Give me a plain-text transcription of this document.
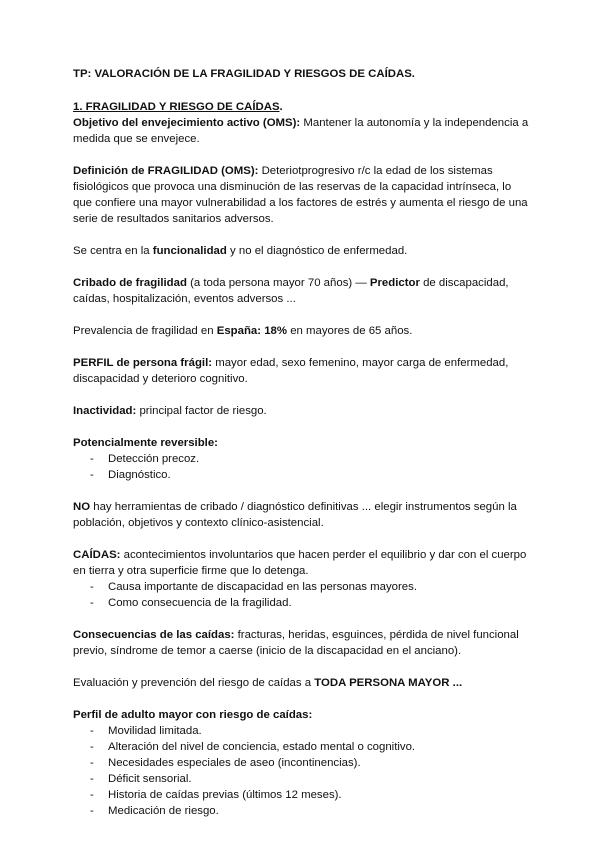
TP: VALORACIÓN DE LA FRAGILIDAD Y RIESGOS DE CAÍDAS.

1. FRAGILIDAD Y RIESGO DE CAÍDAS.

Objetivo del envejecimiento activo (OMS): Mantener la autonomía y la independencia a medida que se envejece.

Definición de FRAGILIDAD (OMS): Deteriotprogresivo r/c la edad de los sistemas fisiológicos que provoca una disminución de las reservas de la capacidad intrínseca, lo que confiere una mayor vulnerabilidad a los factores de estrés y aumenta el riesgo de una serie de resultados sanitarios adversos.

Se centra en la funcionalidad y no el diagnóstico de enfermedad.

Cribado de fragilidad (a toda persona mayor 70 años) — Predictor de discapacidad, caídas, hospitalización, eventos adversos ...

Prevalencia de fragilidad en España: 18% en mayores de 65 años.

PERFIL de persona frágil: mayor edad, sexo femenino, mayor carga de enfermedad, discapacidad y deterioro cognitivo.

Inactividad: principal factor de riesgo.

Potencialmente reversible:

- Detección precoz.
- Diagnóstico.

NO hay herramientas de cribado / diagnóstico definitivas ... elegir instrumentos según la población, objetivos y contexto clínico-asistencial.

CAÍDAS: acontecimientos involuntarios que hacen perder el equilibrio y dar con el cuerpo en tierra y otra superficie firme que lo detenga.

- Causa importante de discapacidad en las personas mayores.
- Como consecuencia de la fragilidad.

Consecuencias de las caídas: fracturas, heridas, esguinces, pérdida de nivel funcional previo, síndrome de temor a caerse (inicio de la discapacidad en el anciano).

Evaluación y prevención del riesgo de caídas a TODA PERSONA MAYOR ...

Perfil de adulto mayor con riesgo de caídas:

- Movilidad limitada.
- Alteración del nivel de conciencia, estado mental o cognitivo.
- Necesidades especiales de aseo (incontinencias).
- Déficit sensorial.
- Historia de caídas previas (últimos 12 meses).
- Medicación de riesgo.
